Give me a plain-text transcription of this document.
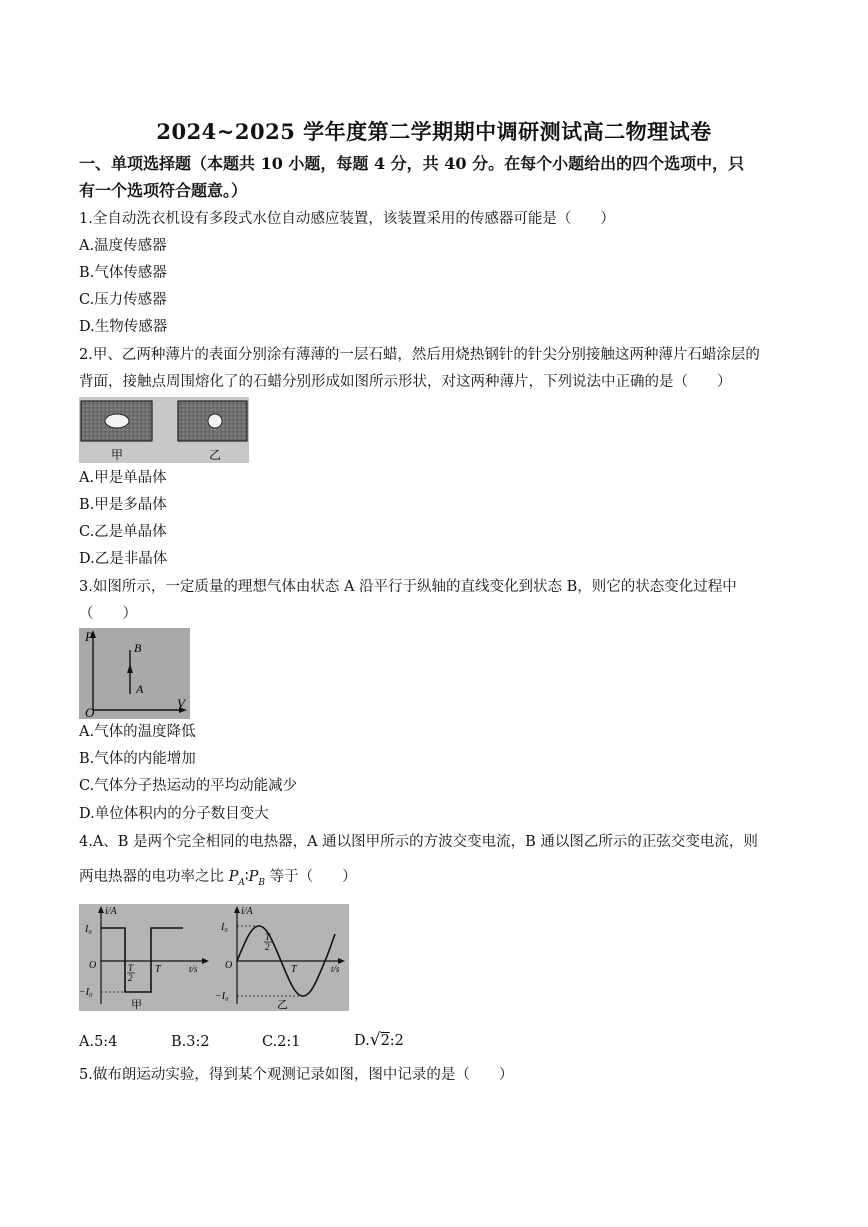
2024~2025 学年度第二学期期中调研测试高二物理试卷
一、单项选择题（本题共 10 小题，每题 4 分，共 40 分。在每个小题给出的四个选项中，只
有一个选项符合题意。）
1.全自动洗衣机设有多段式水位自动感应装置，该装置采用的传感器可能是（　　）
A.温度传感器
B.气体传感器
C.压力传感器
D.生物传感器
2.甲、乙两种薄片的表面分别涂有薄薄的一层石蜡，然后用烧热钢针的针尖分别接触这两种薄片石蜡涂层的
背面，接触点周围熔化了的石蜡分别形成如图所示形状，对这两种薄片，下列说法中正确的是（　　）
甲	乙
A.甲是单晶体
B.甲是多晶体
C.乙是单晶体
D.乙是非晶体
3.如图所示，一定质量的理想气体由状态 A 沿平行于纵轴的直线变化到状态 B，则它的状态变化过程中
（　　）
P
V
O
B
A
A.气体的温度降低
B.气体的内能增加
C.气体分子热运动的平均动能减少
D.单位体积内的分子数目变大
4.A、B 是两个完全相同的电热器，A 通以图甲所示的方波交变电流，B 通以图乙所示的正弦交变电流，则
两电热器的电功率之比 $P_A∶P_B$ 等于（　　）
i/A
I₀
−I₀
O	T
2
T	t/s
甲
i/A
I₀
−I₀
O
T
2
T	t/s
乙
A.5:4	B.3:2	C.2:1	D.√2:2
5.做布朗运动实验，得到某个观测记录如图，图中记录的是（　　）
